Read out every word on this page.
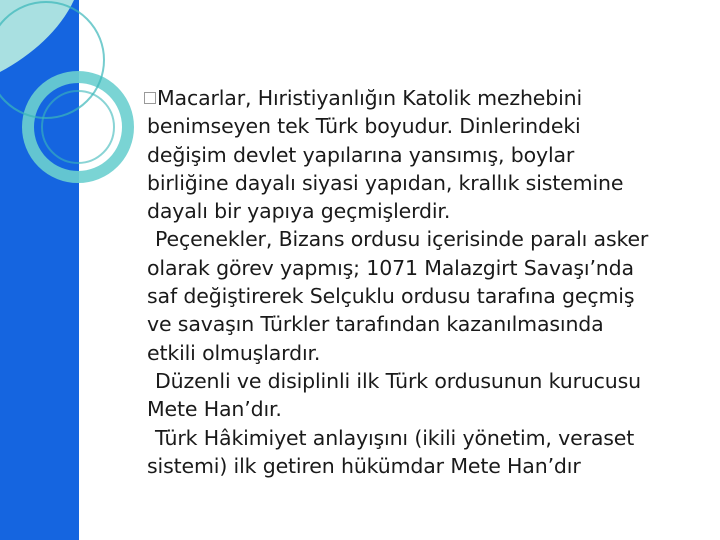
Macarlar, Hıristiyanlığın Katolik mezhebini
benimseyen tek Türk boyudur. Dinlerindeki
değişim devlet yapılarına yansımış, boylar
birliğine dayalı siyasi yapıdan, krallık sistemine
dayalı bir yapıya geçmişlerdir.
Peçenekler, Bizans ordusu içerisinde paralı asker
olarak görev yapmış; 1071 Malazgirt Savaşı’nda
saf değiştirerek Selçuklu ordusu tarafına geçmiş
ve savaşın Türkler tarafından kazanılmasında
etkili olmuşlardır.
Düzenli ve disiplinli ilk Türk ordusunun kurucusu
Mete Han’dır.
Türk Hâkimiyet anlayışını (ikili yönetim, veraset
sistemi) ilk getiren hükümdar Mete Han’dır
